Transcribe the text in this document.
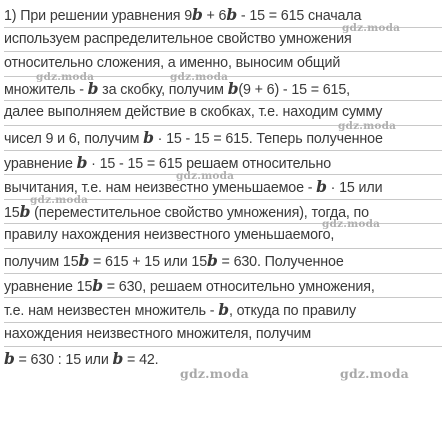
1) При решении уравнения 9b + 6b - 15 = 615 сначала
используем распределительное свойство умножения
относительно сложения, а именно, выносим общий
множитель - b за скобку, получим b(9 + 6) - 15 = 615,
далее выполняем действие в скобках, т.е. находим сумму
чисел 9 и 6, получим b · 15 - 15 = 615. Теперь полученное
уравнение b · 15 - 15 = 615 решаем относительно
вычитания, т.е. нам неизвестно уменьшаемое - b · 15 или
15b (переместительное свойство умножения), тогда, по
правилу нахождения неизвестного уменьшаемого,
получим 15b = 615 + 15 или 15b = 630. Полученное
уравнение 15b = 630, решаем относительно умножения,
т.е. нам неизвестен множитель - b, откуда по правилу
нахождения неизвестного множителя, получим
b = 630 : 15 или b = 42.
gdz.moda
gdz.moda	gdz.moda
gdz.moda
gdz.moda
gdz.moda
gdz.moda
gdz.moda	gdz.moda
